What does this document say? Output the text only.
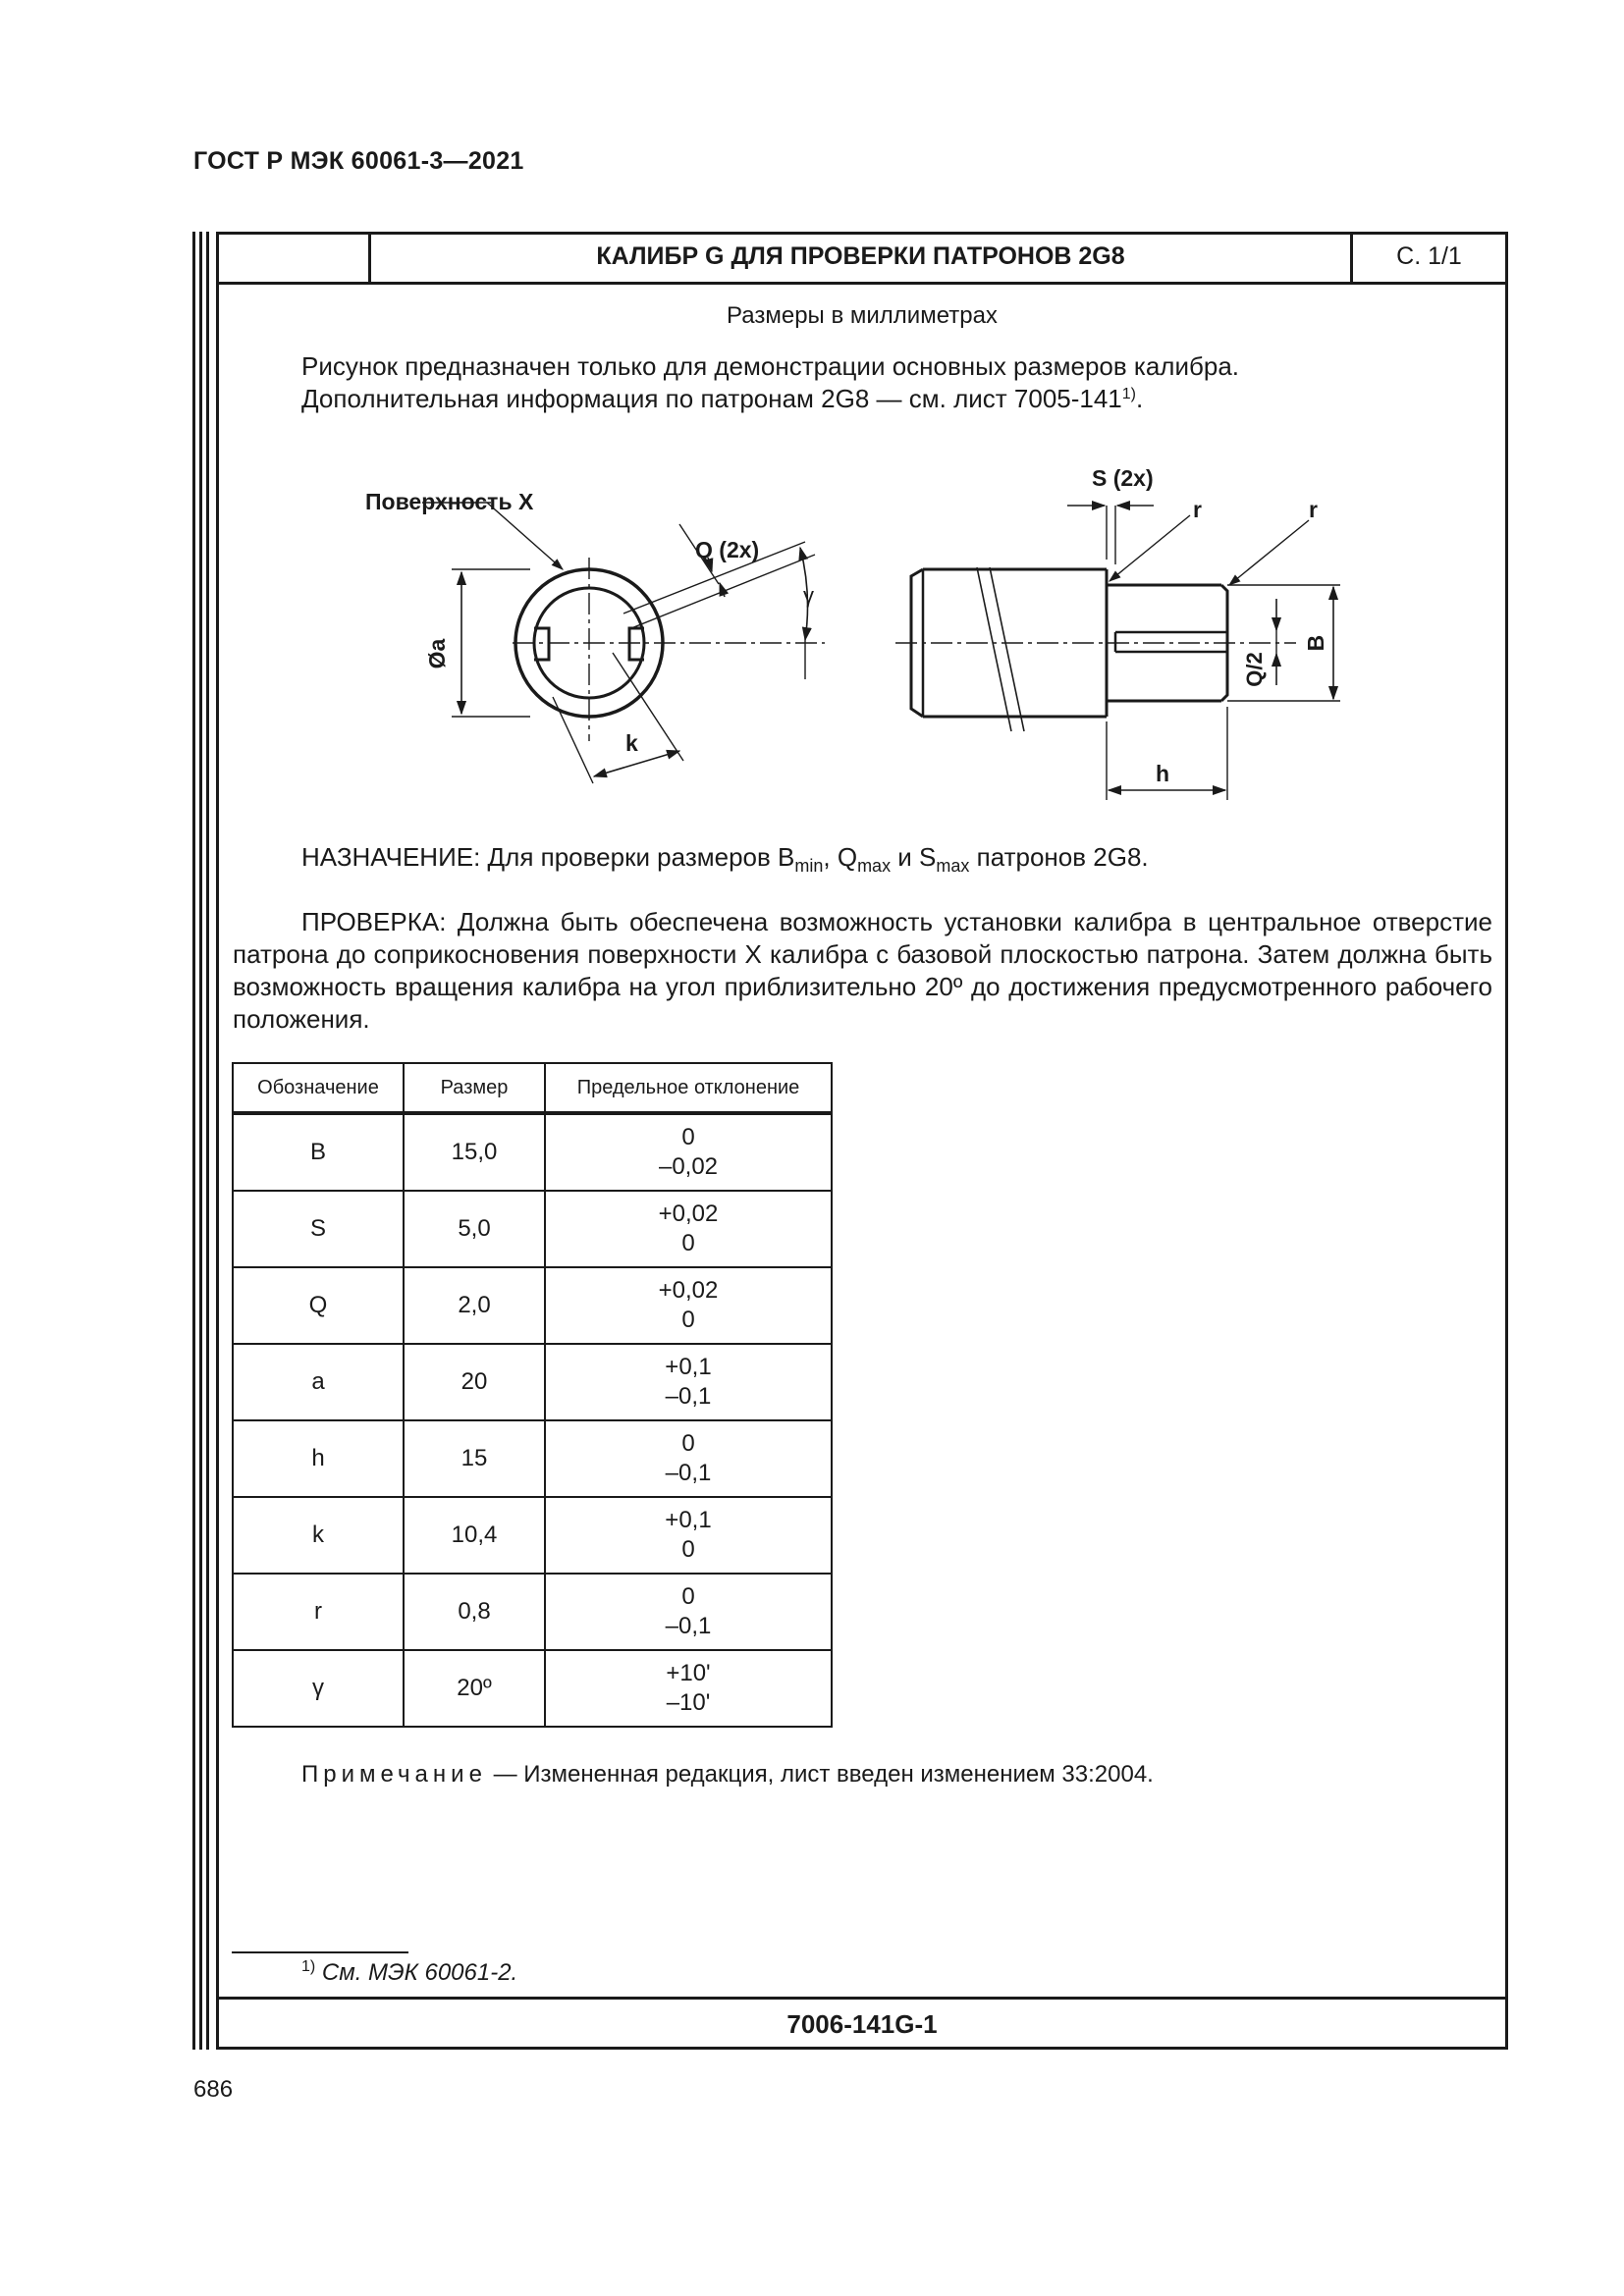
ГОСТ Р МЭК 60061-3—2021
КАЛИБР G ДЛЯ ПРОВЕРКИ ПАТРОНОВ 2G8	С. 1/1
Размеры в миллиметрах
Рисунок предназначен только для демонстрации основных размеров калибра.
Дополнительная информация по патронам 2G8 — см. лист 7005-141$^{1)}$.
Поверхность X
Q (2x)
γ
Øa
k
S (2x)
r	r
Q/2
B
h
НАЗНАЧЕНИЕ: Для проверки размеров $B_{min}$, $Q_{max}$ и $S_{max}$ патронов 2G8.
ПРОВЕРКА: Должна быть обеспечена возможность установки калибра в центральное отверстие патрона до соприкосновения поверхности X калибра с базовой плоскостью патрона. Затем должна быть возможность вращения калибра на угол приблизительно 20º до достижения предусмотренного рабочего положения.
Обозначение	Размер	Предельное отклонение
B	15,0	0
–0,02

S	5,0	+0,02
0

Q	2,0	+0,02
0

a	20	+0,1
–0,1

h	15	0
–0,1

k	10,4	+0,1
0

r	0,8	0
–0,1

γ	20º	+10'
–10'
Примечание — Измененная редакция, лист введен изменением 33:2004.
$^{1)}$ См. МЭК 60061-2.
7006-141G-1
686
